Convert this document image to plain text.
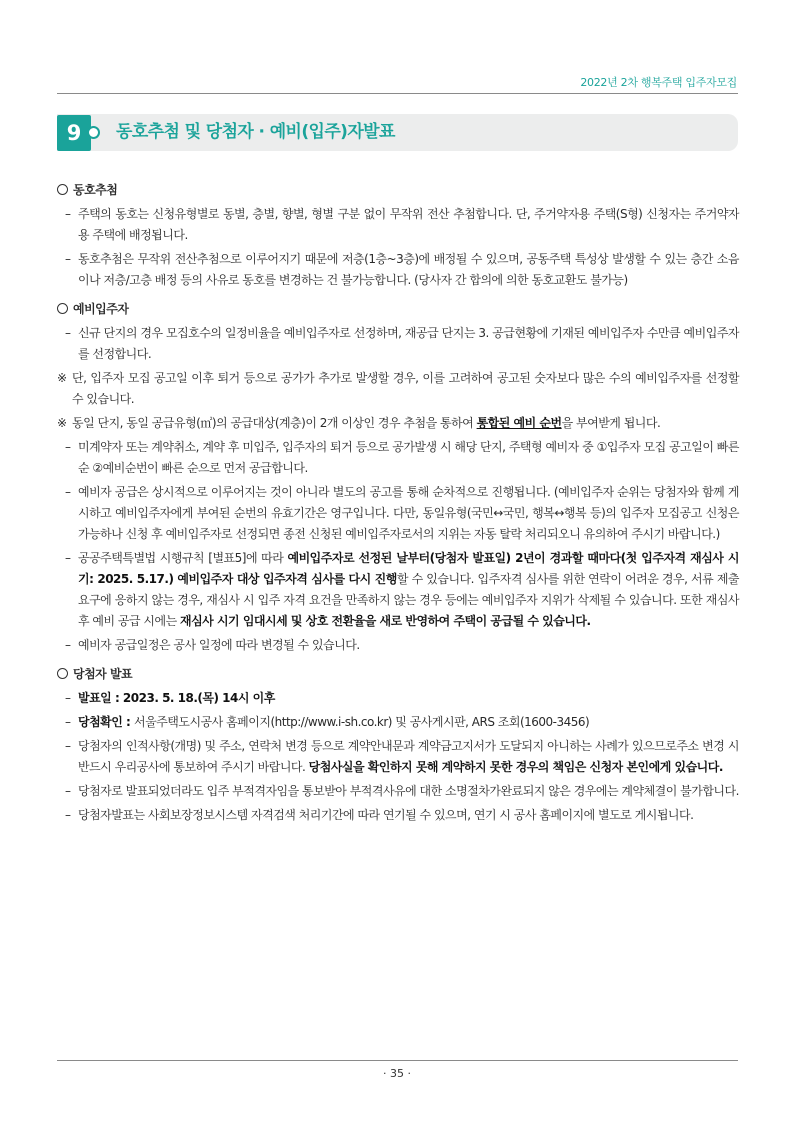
2022년 2차 행복주택 입주자모집
9	동호추첨 및 당첨자 · 예비(입주)자발표
동호추첨
– 주택의 동호는 신청유형별로 동별, 층별, 향별, 형별 구분 없이 무작위 전산 추첨합니다. 단, 주거약자용 주택(S형) 신청자는 주거약자용 주택에 배정됩니다.
– 동호추첨은 무작위 전산추첨으로 이루어지기 때문에 저층(1층~3층)에 배정될 수 있으며, 공동주택 특성상 발생할 수 있는 층간 소음이나 저층/고층 배정 등의 사유로 동호를 변경하는 건 불가능합니다. (당사자 간 합의에 의한 동호교환도 불가능)
예비입주자
– 신규 단지의 경우 모집호수의 일정비율을 예비입주자로 선정하며, 재공급 단지는 3. 공급현황에 기재된 예비입주자 수만큼 예비입주자를 선정합니다.
※ 단, 입주자 모집 공고일 이후 퇴거 등으로 공가가 추가로 발생할 경우, 이를 고려하여 공고된 숫자보다 많은 수의 예비입주자를 선정할 수 있습니다.
※ 동일 단지, 동일 공급유형(㎡)의 공급대상(계층)이 2개 이상인 경우 추첨을 통하여 통합된 예비 순번을 부여받게 됩니다.
– 미계약자 또는 계약취소, 계약 후 미입주, 입주자의 퇴거 등으로 공가발생 시 해당 단지, 주택형 예비자 중 ①입주자 모집 공고일이 빠른 순 ②예비순번이 빠른 순으로 먼저 공급합니다.
– 예비자 공급은 상시적으로 이루어지는 것이 아니라 별도의 공고를 통해 순차적으로 진행됩니다. (예비입주자 순위는 당첨자와 함께 게시하고 예비입주자에게 부여된 순번의 유효기간은 영구입니다. 다만, 동일유형(국민↔국민, 행복↔행복 등)의 입주자 모집공고 신청은 가능하나 신청 후 예비입주자로 선정되면 종전 신청된 예비입주자로서의 지위는 자동 탈락 처리되오니 유의하여 주시기 바랍니다.)
– 공공주택특별법 시행규칙 [별표5]에 따라 예비입주자로 선정된 날부터(당첨자 발표일) 2년이 경과할 때마다(첫 입주자격 재심사 시기: 2025. 5.17.) 예비입주자 대상 입주자격 심사를 다시 진행할 수 있습니다. 입주자격 심사를 위한 연락이 어려운 경우, 서류 제출 요구에 응하지 않는 경우, 재심사 시 입주 자격 요건을 만족하지 않는 경우 등에는 예비입주자 지위가 삭제될 수 있습니다. 또한 재심사 후 예비 공급 시에는 재심사 시기 임대시세 및 상호 전환율을 새로 반영하여 주택이 공급될 수 있습니다.
– 예비자 공급일정은 공사 일정에 따라 변경될 수 있습니다.
당첨자 발표
– 발표일 : 2023. 5. 18.(목) 14시 이후
– 당첨확인 : 서울주택도시공사 홈페이지(http://www.i-sh.co.kr) 및 공사게시판, ARS 조회(1600-3456)
– 당첨자의 인적사항(개명) 및 주소, 연락처 변경 등으로 계약안내문과 계약금고지서가 도달되지 아니하는 사례가 있으므로주소 변경 시 반드시 우리공사에 통보하여 주시기 바랍니다. 당첨사실을 확인하지 못해 계약하지 못한 경우의 책임은 신청자 본인에게 있습니다.
– 당첨자로 발표되었더라도 입주 부적격자임을 통보받아 부적격사유에 대한 소명절차가완료되지 않은 경우에는 계약체결이 불가합니다.
– 당첨자발표는 사회보장정보시스템 자격검색 처리기간에 따라 연기될 수 있으며, 연기 시 공사 홈페이지에 별도로 게시됩니다.
· 35 ·
